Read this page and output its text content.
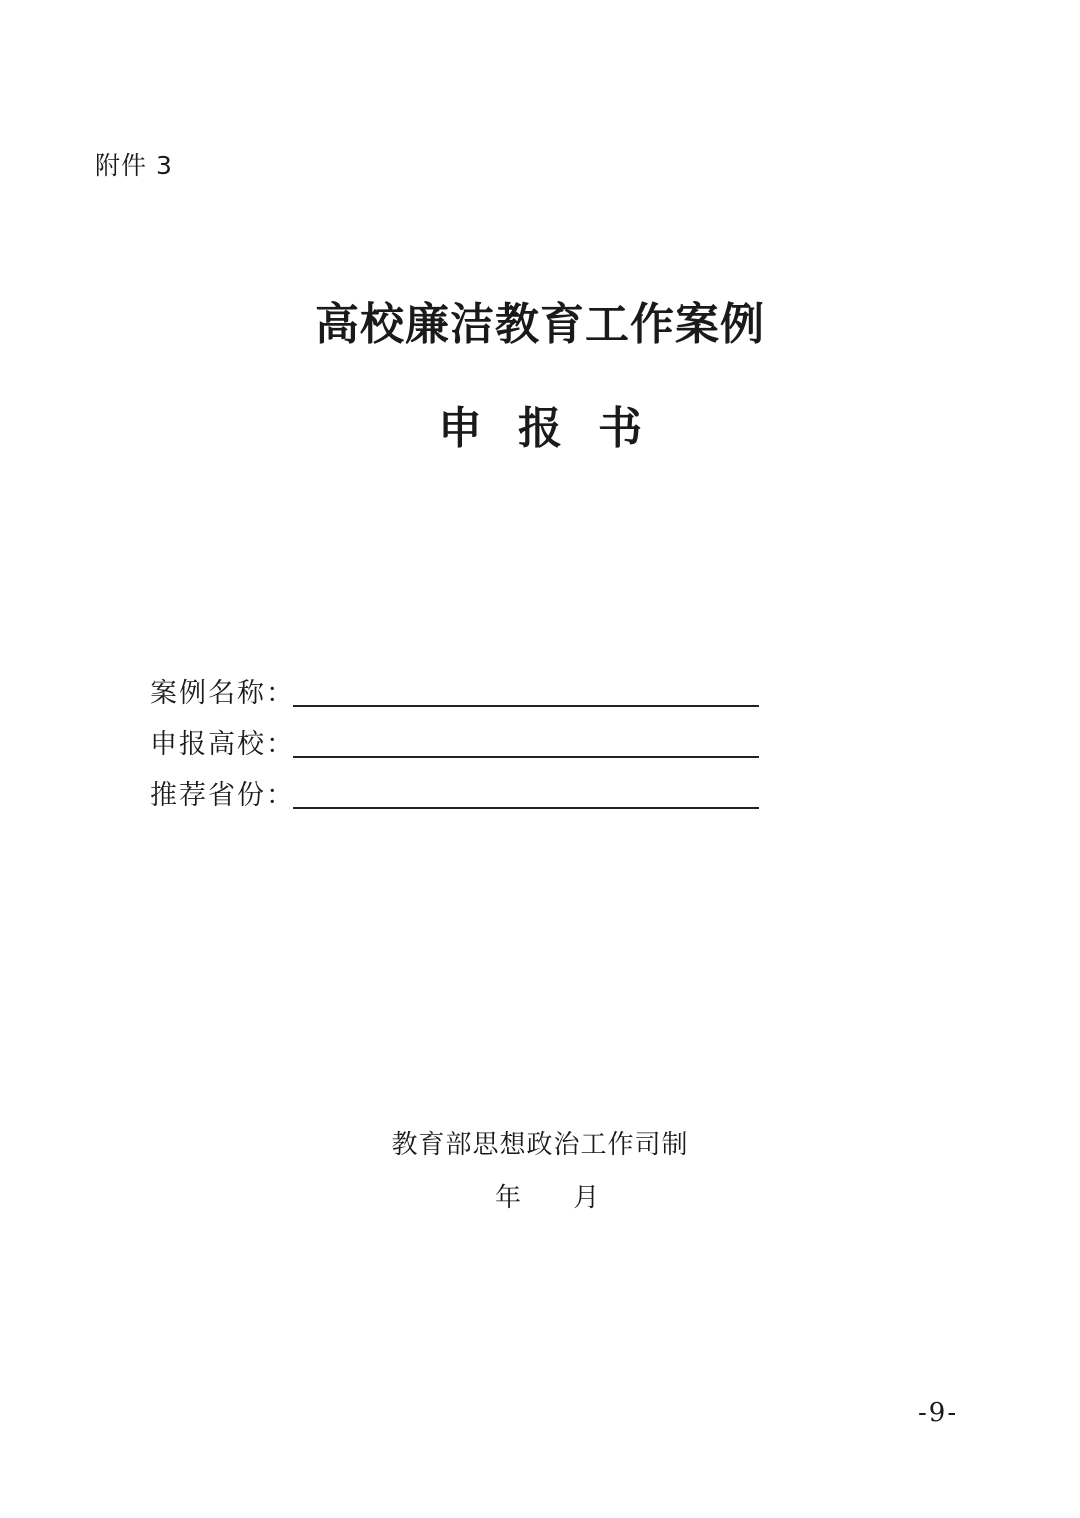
附件 3
高校廉洁教育工作案例
申报书
案例名称：
申报高校：
推荐省份：
教育部思想政治工作司制
年 月
-9-
